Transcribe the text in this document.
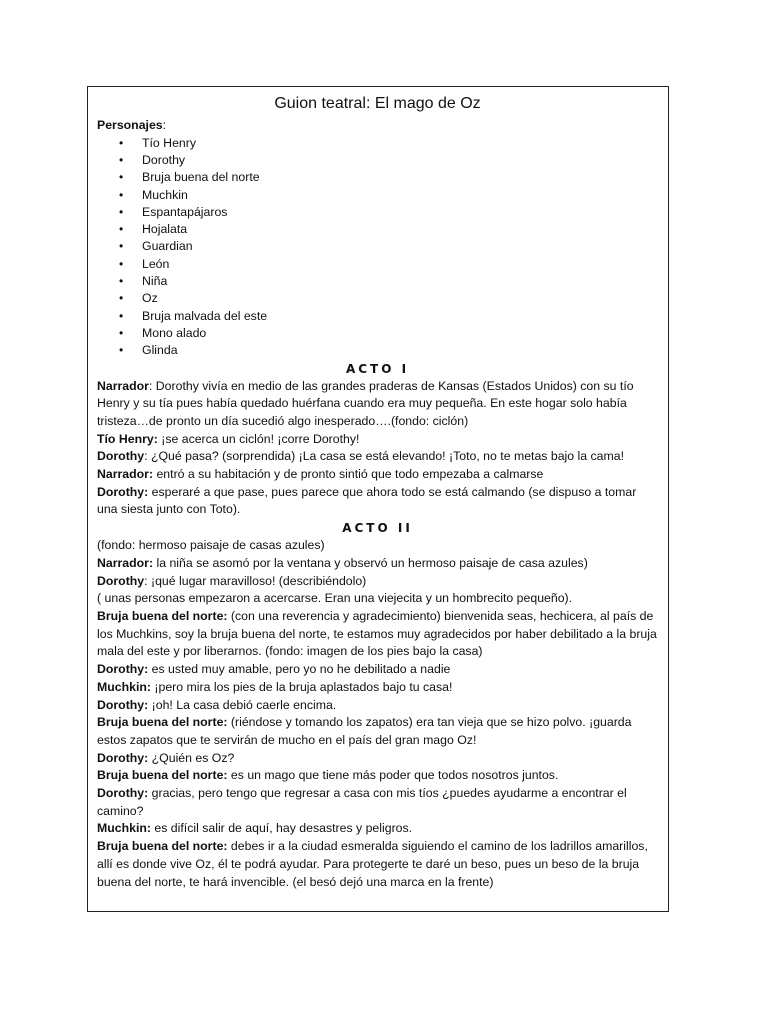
Guion teatral: El mago de Oz
Personajes:
• Tío Henry
• Dorothy
• Bruja buena del norte
• Muchkin
• Espantapájaros
• Hojalata
• Guardian
• León
• Niña
• Oz
• Bruja malvada del este
• Mono alado
• Glinda
ACTO I

Narrador: Dorothy vivía en medio de las grandes praderas de Kansas (Estados Unidos) con su tío Henry y su tía pues había quedado huérfana cuando era muy pequeña. En este hogar solo había tristeza…de pronto un día sucedió algo inesperado….(fondo: ciclón)

Tío Henry: ¡se acerca un ciclón! ¡corre Dorothy!

Dorothy: ¿Qué pasa? (sorprendida) ¡La casa se está elevando! ¡Toto, no te metas bajo la cama!

Narrador: entró a su habitación y de pronto sintió que todo empezaba a calmarse

Dorothy: esperaré a que pase, pues parece que ahora todo se está calmando (se dispuso a tomar una siesta junto con Toto).

ACTO II

(fondo: hermoso paisaje de casas azules)

Narrador: la niña se asomó por la ventana y observó un hermoso paisaje de casa azules)

Dorothy: ¡qué lugar maravilloso! (describiéndolo)

( unas personas empezaron a acercarse. Eran una viejecita y un hombrecito pequeño).

Bruja buena del norte: (con una reverencia y agradecimiento) bienvenida seas, hechicera, al país de los Muchkins, soy la bruja buena del norte, te estamos muy agradecidos por haber debilitado a la bruja mala del este y por liberarnos. (fondo: imagen de los pies bajo la casa)

Dorothy: es usted muy amable, pero yo no he debilitado a nadie

Muchkin: ¡pero mira los pies de la bruja aplastados bajo tu casa!

Dorothy: ¡oh! La casa debió caerle encima.

Bruja buena del norte: (riéndose y tomando los zapatos) era tan vieja que se hizo polvo. ¡guarda estos zapatos que te servirán de mucho en el país del gran mago Oz!

Dorothy: ¿Quién es Oz?

Bruja buena del norte: es un mago que tiene más poder que todos nosotros juntos.

Dorothy: gracias, pero tengo que regresar a casa con mis tíos ¿puedes ayudarme a encontrar el camino?

Muchkin: es difícil salir de aquí, hay desastres y peligros.

Bruja buena del norte: debes ir a la ciudad esmeralda siguiendo el camino de los ladrillos amarillos, allí es donde vive Oz, él te podrá ayudar. Para protegerte te daré un beso, pues un beso de la bruja buena del norte, te hará invencible. (el besó dejó una marca en la frente)
